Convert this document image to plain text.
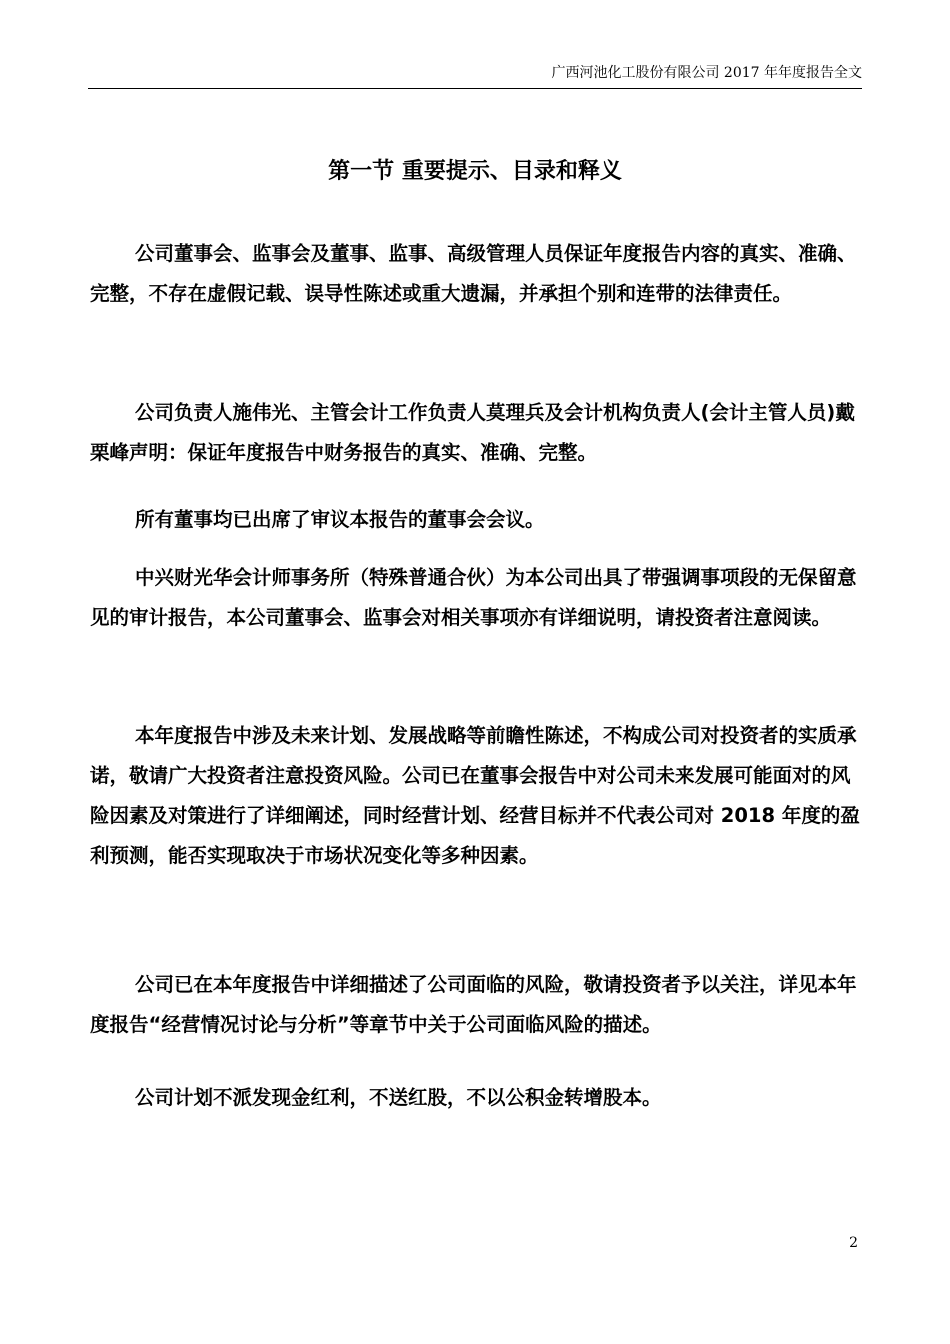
广西河池化工股份有限公司 2017 年年度报告全文
第一节 重要提示、目录和释义

公司董事会、监事会及董事、监事、高级管理人员保证年度报告内容的真实、准确、完整，不存在虚假记载、误导性陈述或重大遗漏，并承担个别和连带的法律责任。

公司负责人施伟光、主管会计工作负责人莫理兵及会计机构负责人(会计主管人员)戴栗峰声明：保证年度报告中财务报告的真实、准确、完整。

所有董事均已出席了审议本报告的董事会会议。

中兴财光华会计师事务所（特殊普通合伙）为本公司出具了带强调事项段的无保留意见的审计报告，本公司董事会、监事会对相关事项亦有详细说明，请投资者注意阅读。

本年度报告中涉及未来计划、发展战略等前瞻性陈述，不构成公司对投资者的实质承诺，敬请广大投资者注意投资风险。公司已在董事会报告中对公司未来发展可能面对的风险因素及对策进行了详细阐述，同时经营计划、经营目标并不代表公司对 2018 年度的盈利预测，能否实现取决于市场状况变化等多种因素。

公司已在本年度报告中详细描述了公司面临的风险，敬请投资者予以关注，详见本年度报告“经营情况讨论与分析”等章节中关于公司面临风险的描述。

公司计划不派发现金红利，不送红股，不以公积金转增股本。

2
